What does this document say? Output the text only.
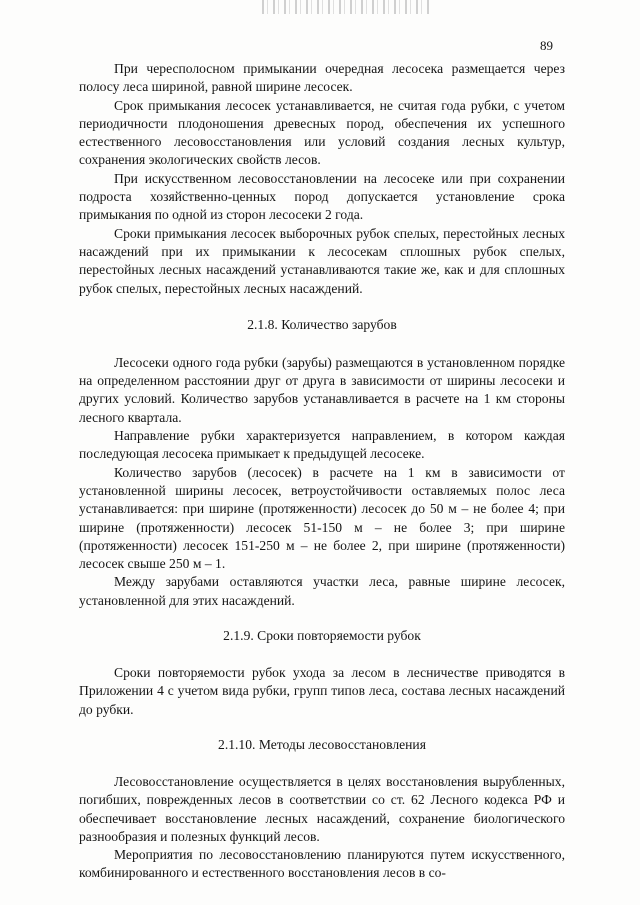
89

При чересполосном примыкании очередная лесосека размещается через полосу леса шириной, равной ширине лесосек.

Срок примыкания лесосек устанавливается, не считая года рубки, с учетом периодичности плодоношения древесных пород, обеспечения их успешного естественного лесовосстановления или условий создания лесных культур, сохранения экологических свойств лесов.

При искусственном лесовосстановлении на лесосеке или при сохранении подроста хозяйственно-ценных пород допускается установление срока примыкания по одной из сторон лесосеки 2 года.

Сроки примыкания лесосек выборочных рубок спелых, перестойных лесных насаждений при их примыкании к лесосекам сплошных рубок спелых, перестойных лесных насаждений устанавливаются такие же, как и для сплошных рубок спелых, перестойных лесных насаждений.

2.1.8. Количество зарубов

Лесосеки одного года рубки (зарубы) размещаются в установленном порядке на определенном расстоянии друг от друга в зависимости от ширины лесосеки и других условий. Количество зарубов устанавливается в расчете на 1 км стороны лесного квартала.

Направление рубки характеризуется направлением, в котором каждая последующая лесосека примыкает к предыдущей лесосеке.

Количество зарубов (лесосек) в расчете на 1 км в зависимости от установленной ширины лесосек, ветроустойчивости оставляемых полос леса устанавливается: при ширине (протяженности) лесосек до 50 м – не более 4; при ширине (протяженности) лесосек 51-150 м – не более 3; при ширине (протяженности) лесосек 151-250 м – не более 2, при ширине (протяженности) лесосек свыше 250 м – 1.

Между зарубами оставляются участки леса, равные ширине лесосек, установленной для этих насаждений.

2.1.9. Сроки повторяемости рубок

Сроки повторяемости рубок ухода за лесом в лесничестве приводятся в Приложении 4 с учетом вида рубки, групп типов леса, состава лесных насаждений до рубки.

2.1.10. Методы лесовосстановления

Лесовосстановление осуществляется в целях восстановления вырубленных, погибших, поврежденных лесов в соответствии со ст. 62 Лесного кодекса РФ и обеспечивает восстановление лесных насаждений, сохранение биологического разнообразия и полезных функций лесов.

Мероприятия по лесовосстановлению планируются путем искусственного, комбинированного и естественного восстановления лесов в со-
